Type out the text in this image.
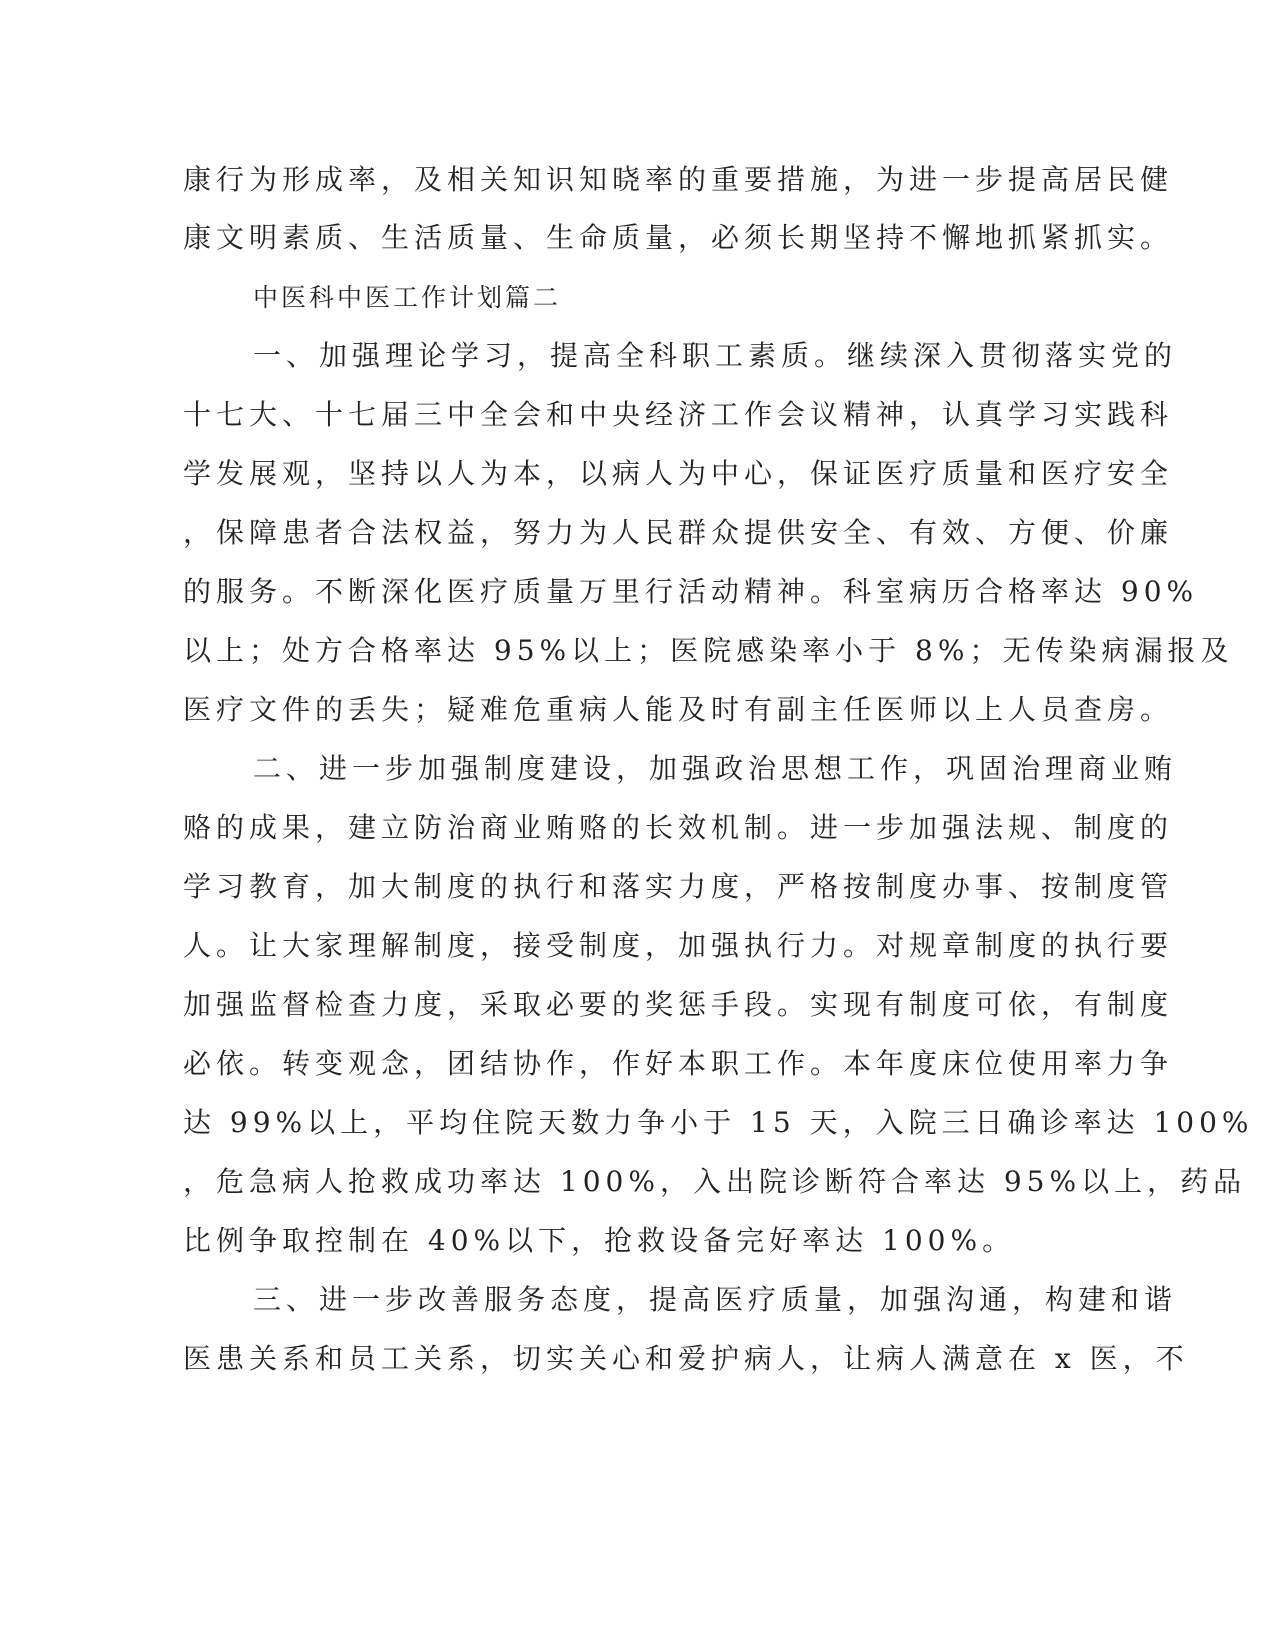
康行为形成率，及相关知识知晓率的重要措施，为进一步提高居民健

康文明素质、生活质量、生命质量，必须长期坚持不懈地抓紧抓实。

中医科中医工作计划篇二

一、加强理论学习，提高全科职工素质。继续深入贯彻落实党的

十七大、十七届三中全会和中央经济工作会议精神，认真学习实践科

学发展观，坚持以人为本，以病人为中心，保证医疗质量和医疗安全

，保障患者合法权益，努力为人民群众提供安全、有效、方便、价廉

的服务。不断深化医疗质量万里行活动精神。科室病历合格率达 90%

以上；处方合格率达 95%以上；医院感染率小于 8%；无传染病漏报及

医疗文件的丢失；疑难危重病人能及时有副主任医师以上人员查房。

二、进一步加强制度建设，加强政治思想工作，巩固治理商业贿

赂的成果，建立防治商业贿赂的长效机制。进一步加强法规、制度的

学习教育，加大制度的执行和落实力度，严格按制度办事、按制度管

人。让大家理解制度，接受制度，加强执行力。对规章制度的执行要

加强监督检查力度，采取必要的奖惩手段。实现有制度可依，有制度

必依。转变观念，团结协作，作好本职工作。本年度床位使用率力争

达 99%以上，平均住院天数力争小于 15 天，入院三日确诊率达 100%

，危急病人抢救成功率达 100%，入出院诊断符合率达 95%以上，药品

比例争取控制在 40%以下，抢救设备完好率达 100%。

三、进一步改善服务态度，提高医疗质量，加强沟通，构建和谐

医患关系和员工关系，切实关心和爱护病人，让病人满意在 x 医，不
